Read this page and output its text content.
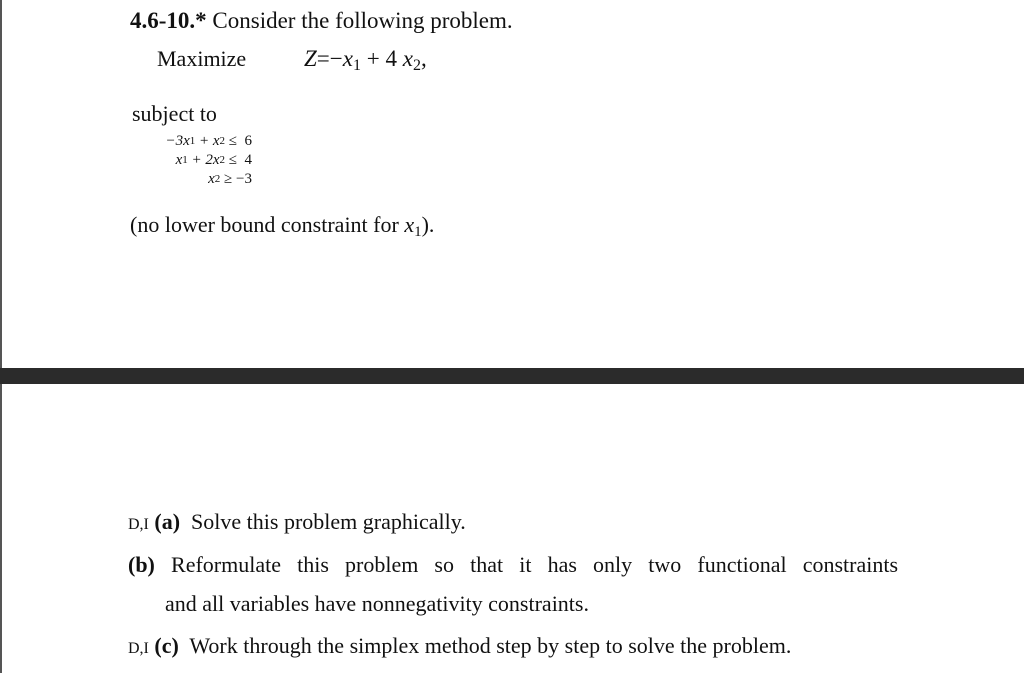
4.6-10.* Consider the following problem.
Maximize	$Z=-x_1 + 4$ $x_2$,
subject to
−3x 1 + x 2 ≤ 6
x 1 + 2x 2 ≤ 4
x 2 ≥ −3
(no lower bound constraint for $x_1$).
D,I (a) Solve this problem graphically.
(b) Reformulate this problem so that it has only two functional constraints
and all variables have nonnegativity constraints.
D,I (c) Work through the simplex method step by step to solve the problem.
